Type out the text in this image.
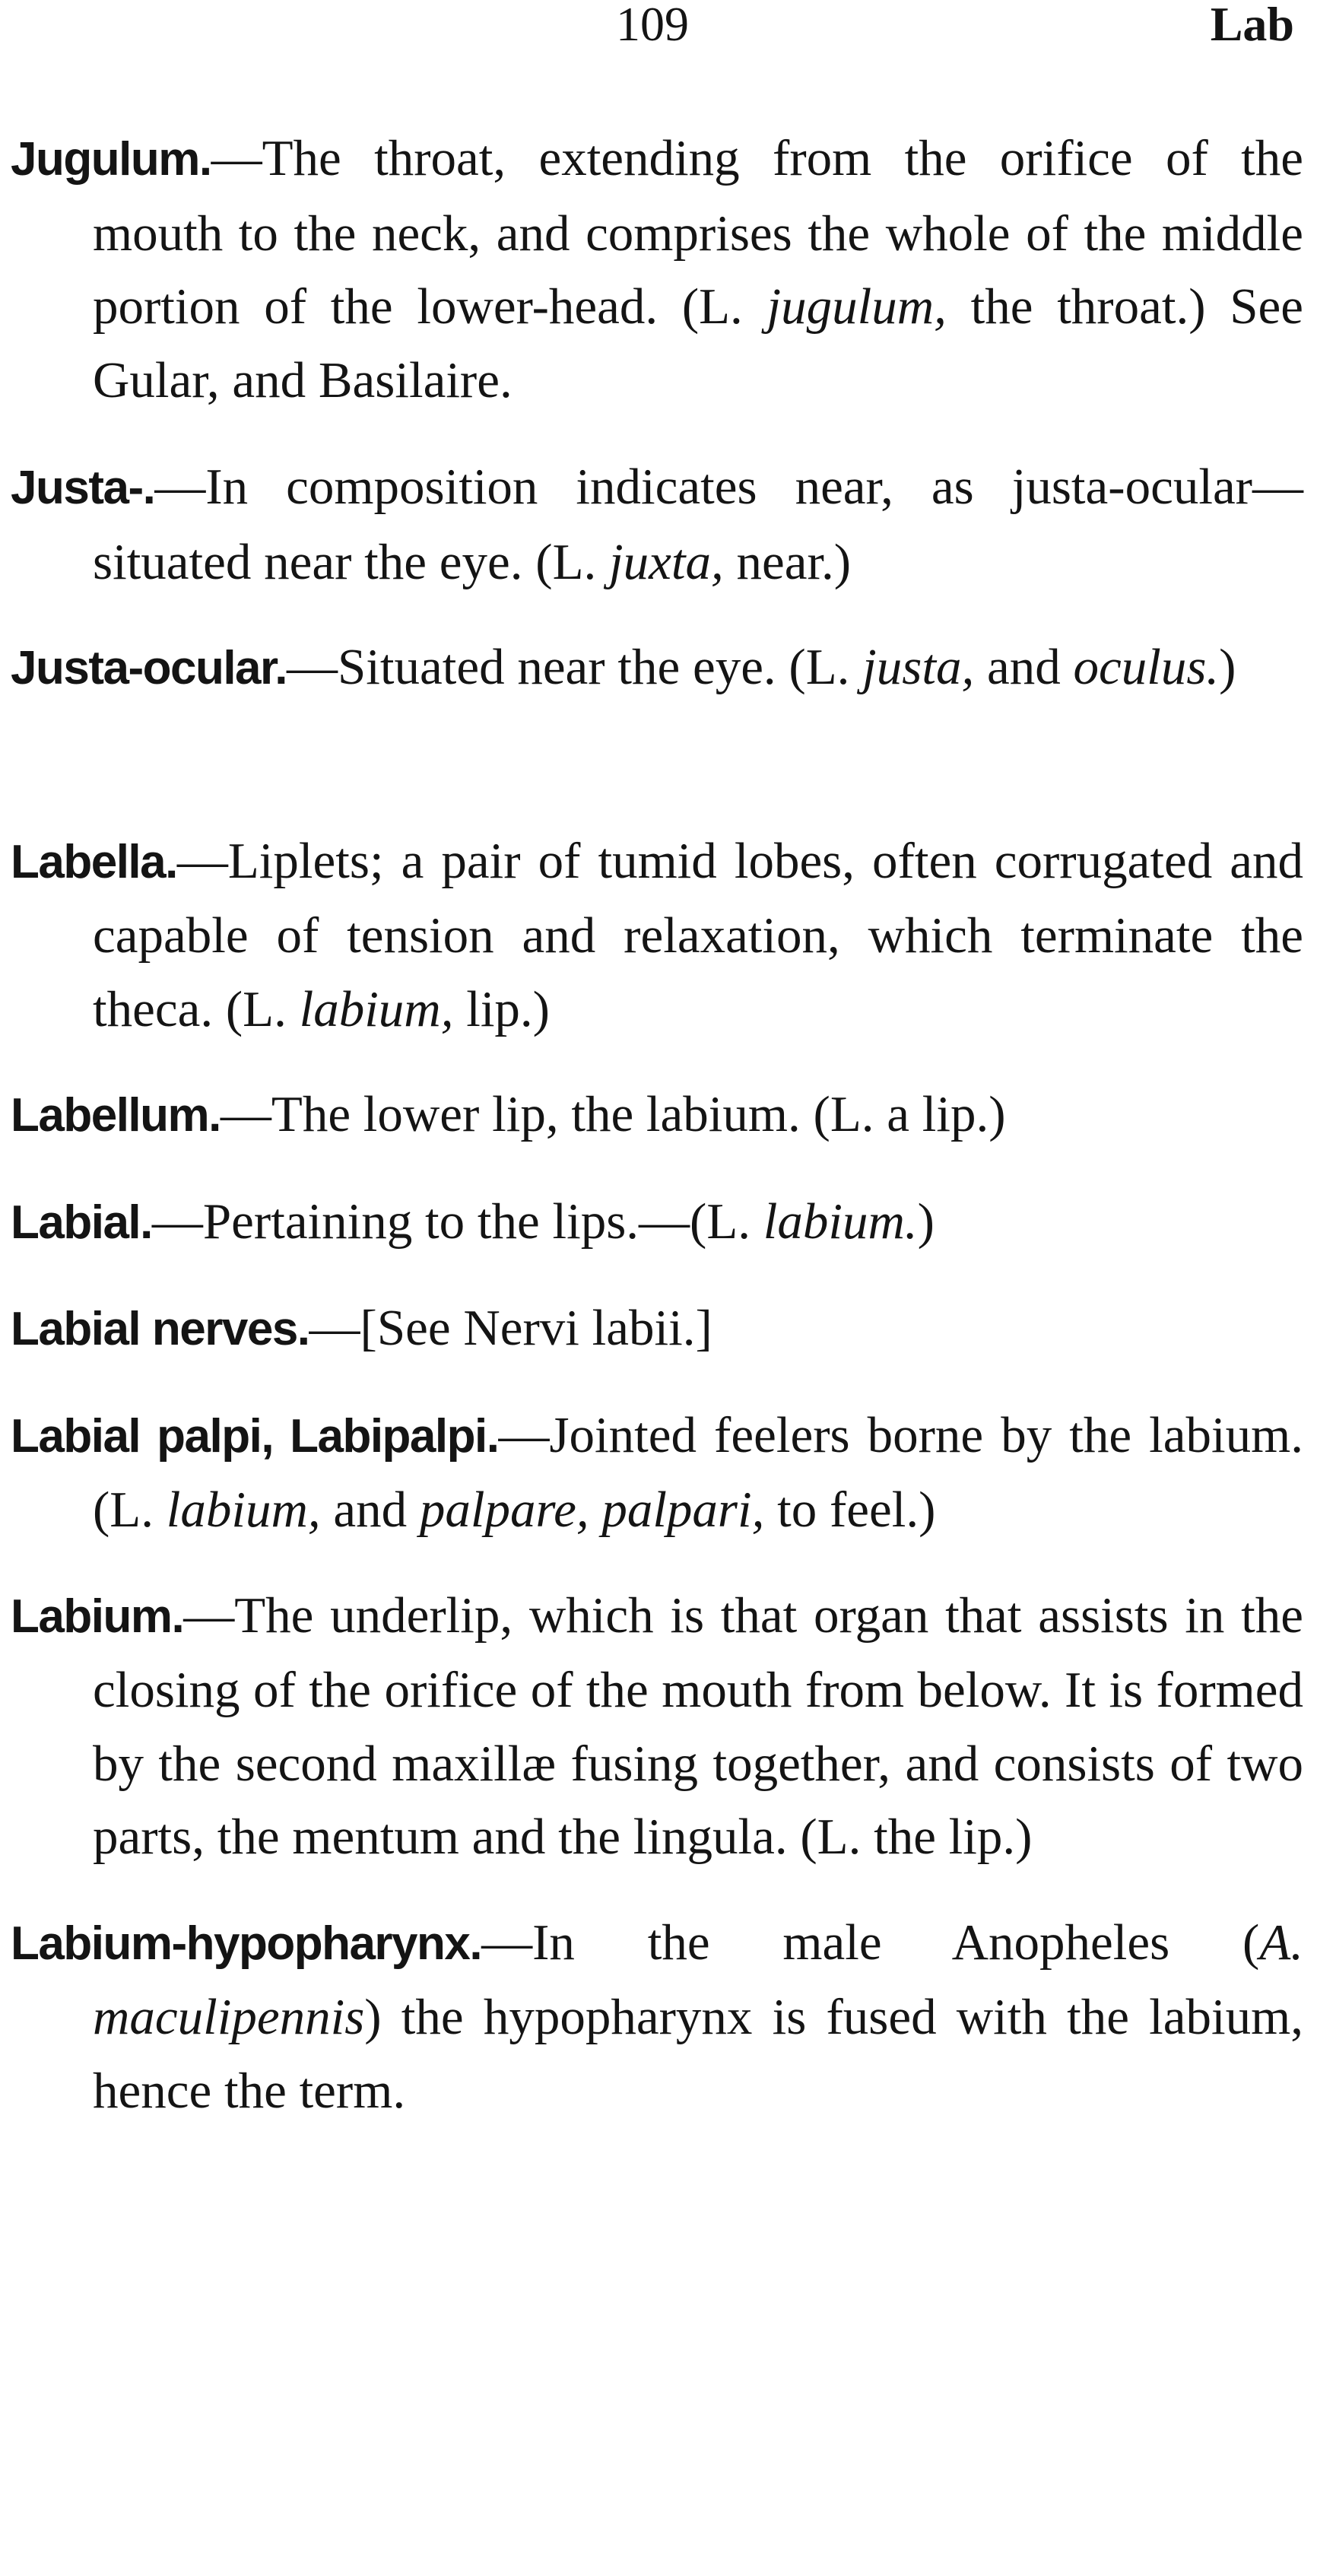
109	Lab

Jugulum.—The throat, extending from the orifice of the mouth to the neck, and comprises the whole of the middle portion of the lower-head. (L. jugulum, the throat.) See Gular, and Basilaire.

Justa-.—In composition indicates near, as justa-ocular—situated near the eye. (L. juxta, near.)

Justa-ocular.—Situated near the eye. (L. justa, and oculus.)

Labella.—Liplets; a pair of tumid lobes, often corrugated and capable of tension and relaxation, which terminate the theca. (L. labium, lip.)

Labellum.—The lower lip, the labium. (L. a lip.)

Labial.—Pertaining to the lips.—(L. labium.)

Labial nerves.—[See Nervi labii.]

Labial palpi, Labipalpi.—Jointed feelers borne by the labium. (L. labium, and palpare, palpari, to feel.)

Labium.—The underlip, which is that organ that assists in the closing of the orifice of the mouth from below. It is formed by the second maxillæ fusing together, and consists of two parts, the mentum and the lingula. (L. the lip.)

Labium-hypopharynx.—In the male Anopheles (A. maculipennis) the hypopharynx is fused with the labium, hence the term.
